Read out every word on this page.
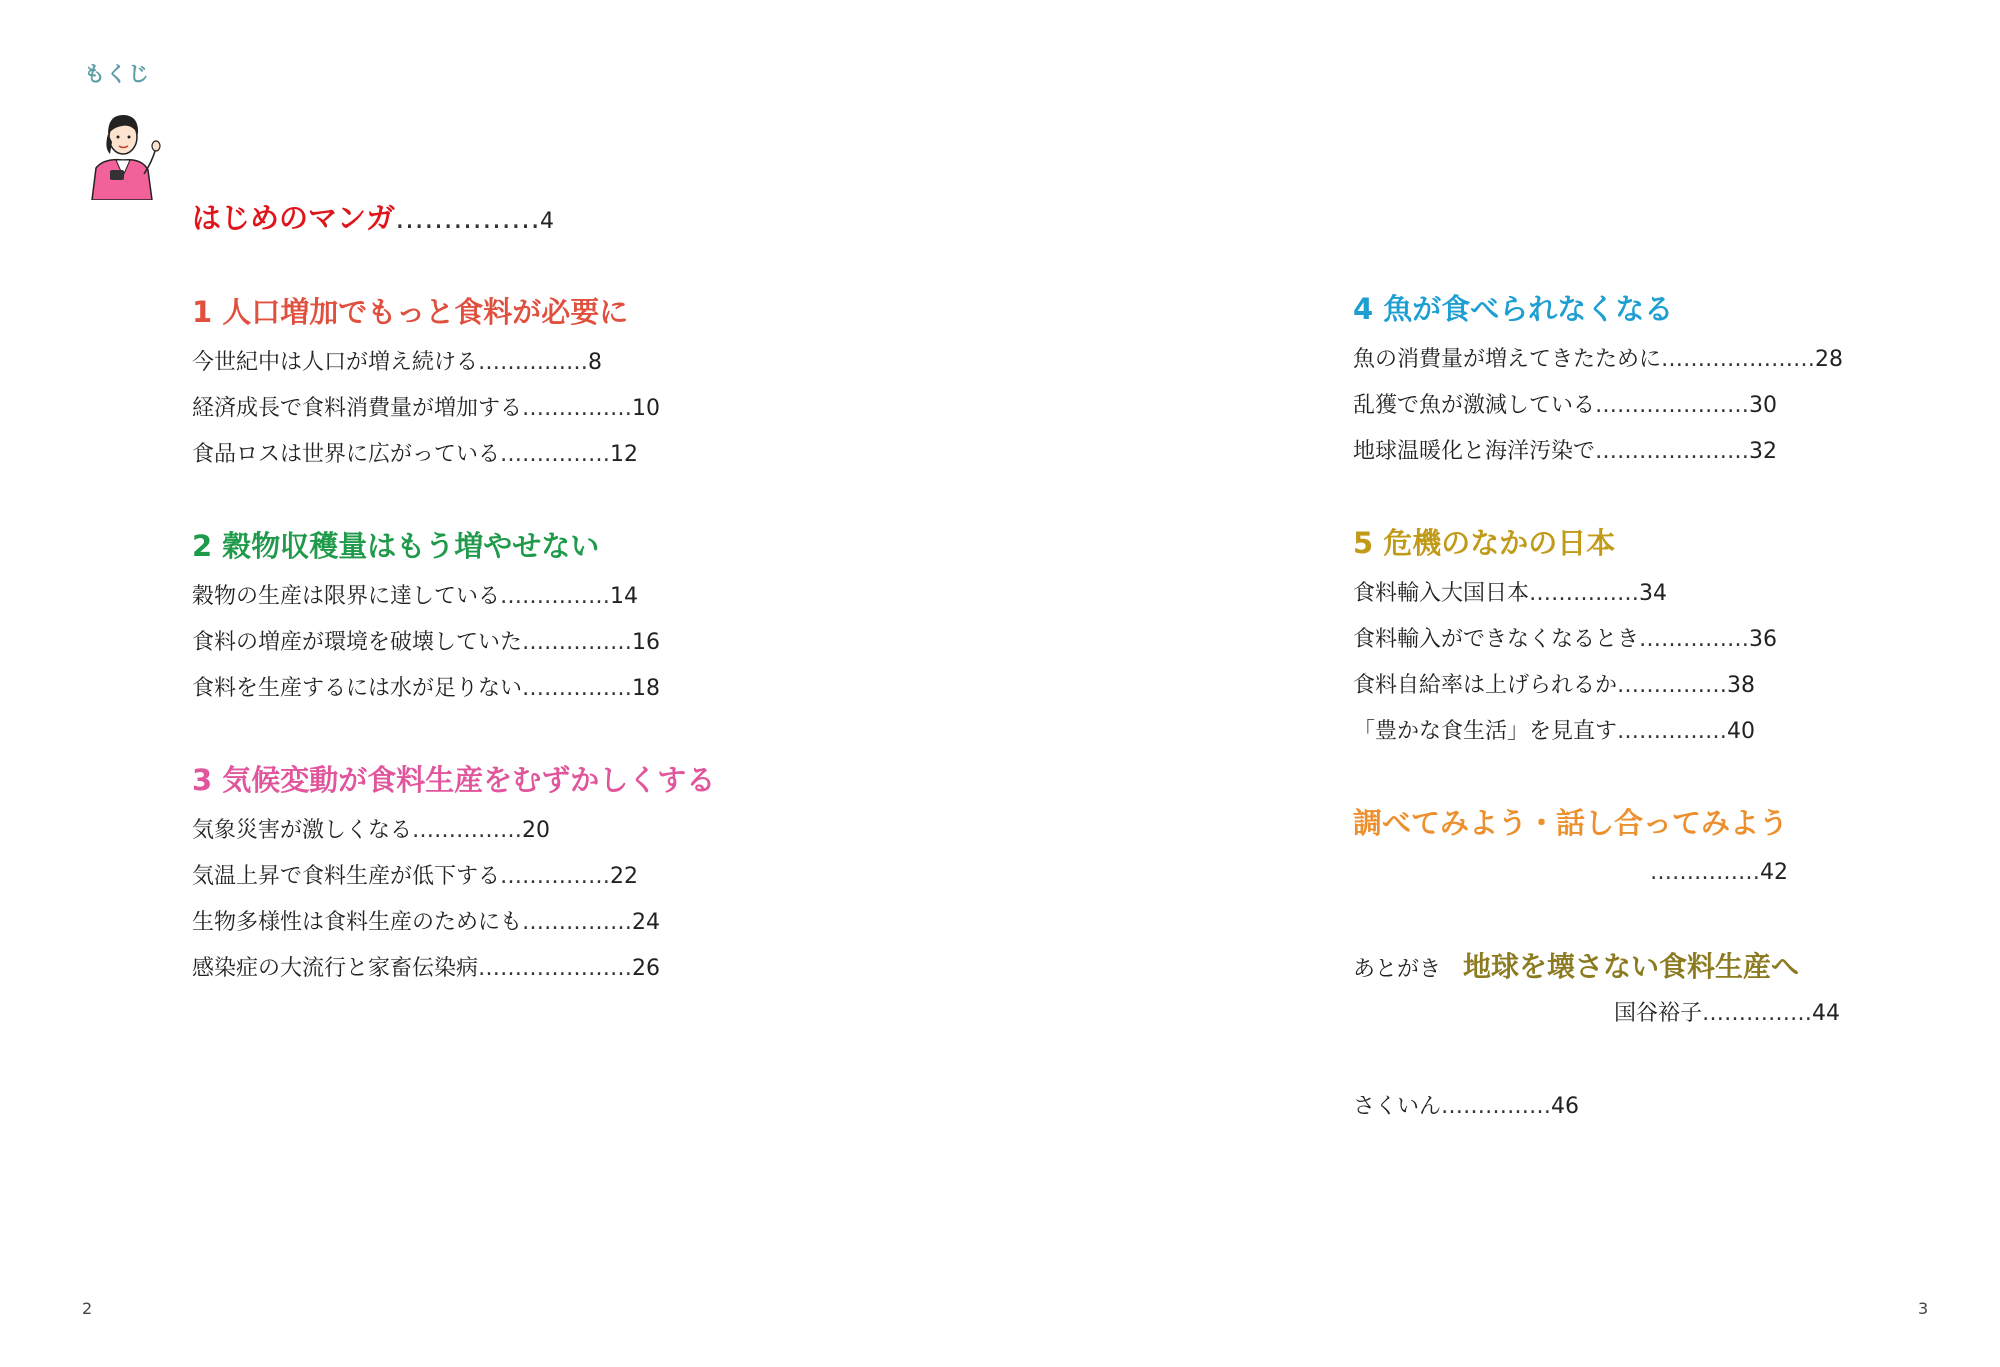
もくじ
はじめのマンガ……………4
1 人口増加でもっと食料が必要に
今世紀中は人口が増え続ける……………8
経済成長で食料消費量が増加する……………10
食品ロスは世界に広がっている……………12
2 穀物収穫量はもう増やせない
穀物の生産は限界に達している……………14
食料の増産が環境を破壊していた……………16
食料を生産するには水が足りない……………18
3 気候変動が食料生産をむずかしくする
気象災害が激しくなる……………20
気温上昇で食料生産が低下する……………22
生物多様性は食料生産のためにも……………24
感染症の大流行と家畜伝染病…………………26
4 魚が食べられなくなる
魚の消費量が増えてきたために…………………28
乱獲で魚が激減している…………………30
地球温暖化と海洋汚染で…………………32
5 危機のなかの日本
食料輸入大国日本……………34
食料輸入ができなくなるとき……………36
食料自給率は上げられるか……………38
「豊かな食生活」を見直す……………40
調べてみよう・話し合ってみよう
……………42
あとがき 地球を壊さない食料生産へ
国谷裕子……………44
さくいん……………46
2	3
